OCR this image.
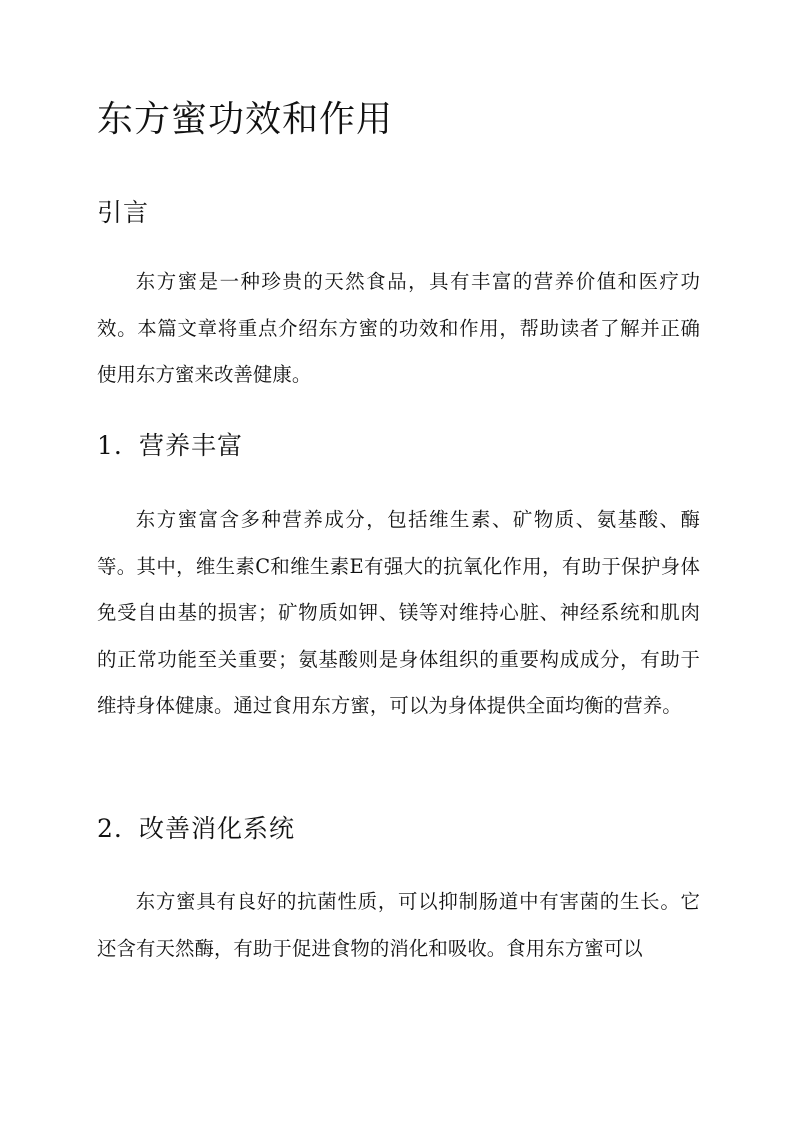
东方蜜功效和作用
引言

东方蜜是一种珍贵的天然食品，具有丰富的营养价值和医疗功效。本篇文章将重点介绍东方蜜的功效和作用，帮助读者了解并正确使用东方蜜来改善健康。

1. 营养丰富

东方蜜富含多种营养成分，包括维生素、矿物质、氨基酸、酶等。其中，维生素C和维生素E有强大的抗氧化作用，有助于保护身体免受自由基的损害；矿物质如钾、镁等对维持心脏、神经系统和肌肉的正常功能至关重要；氨基酸则是身体组织的重要构成成分，有助于维持身体健康。通过食用东方蜜，可以为身体提供全面均衡的营养。

2. 改善消化系统

东方蜜具有良好的抗菌性质，可以抑制肠道中有害菌的生长。它还含有天然酶，有助于促进食物的消化和吸收。食用东方蜜可以
